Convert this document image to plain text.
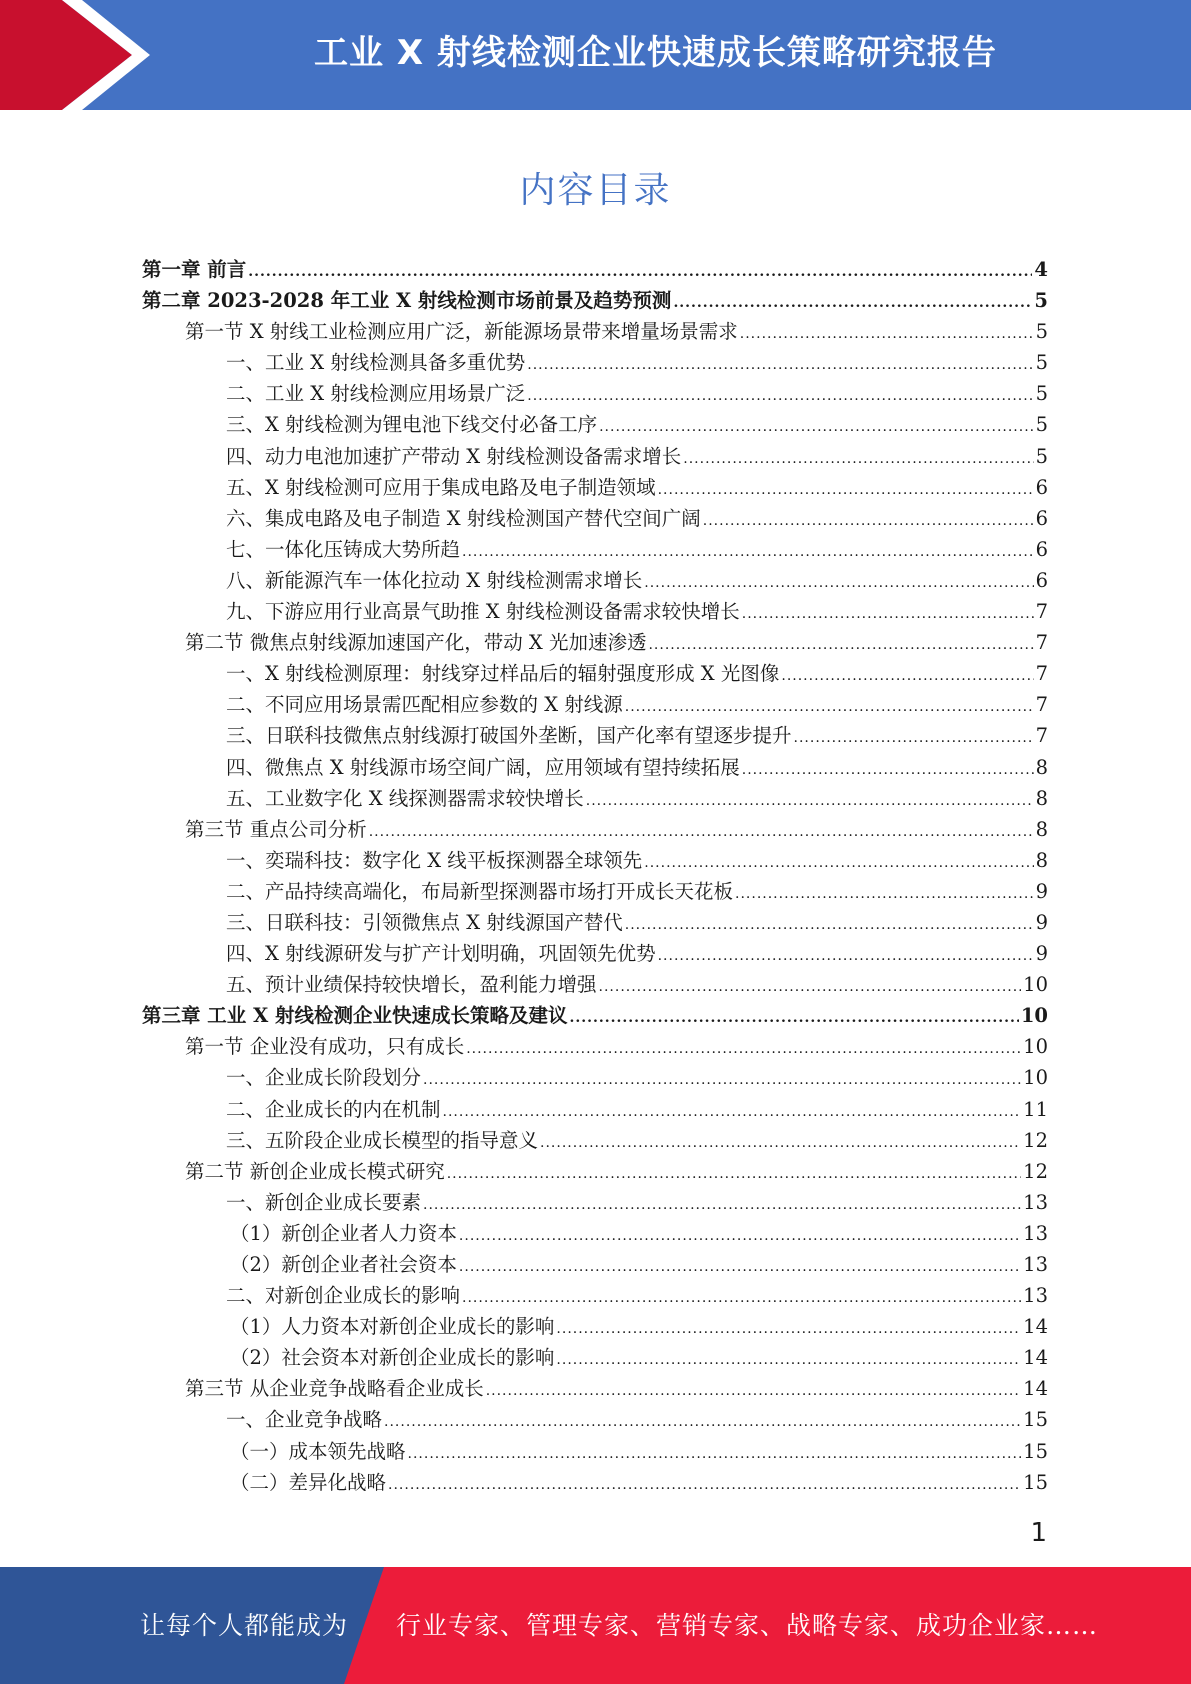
工业 X 射线检测企业快速成长策略研究报告
内容目录
第一章 前言 .....	4
第二章 2023-2028 年工业 X 射线检测市场前景及趋势预测 .....	5
第一节 X 射线工业检测应用广泛，新能源场景带来增量场景需求 .....	5
一、工业 X 射线检测具备多重优势 .....	5
二、工业 X 射线检测应用场景广泛 .....	5
三、X 射线检测为锂电池下线交付必备工序 .....	5
四、动力电池加速扩产带动 X 射线检测设备需求增长 .....	5
五、X 射线检测可应用于集成电路及电子制造领域 .....	6
六、集成电路及电子制造 X 射线检测国产替代空间广阔 .....	6
七、一体化压铸成大势所趋 .....	6
八、新能源汽车一体化拉动 X 射线检测需求增长 .....	6
九、下游应用行业高景气助推 X 射线检测设备需求较快增长 .....	7
第二节 微焦点射线源加速国产化，带动 X 光加速渗透 .....	7
一、X 射线检测原理：射线穿过样品后的辐射强度形成 X 光图像 .....	7
二、不同应用场景需匹配相应参数的 X 射线源 .....	7
三、日联科技微焦点射线源打破国外垄断，国产化率有望逐步提升 .....	7
四、微焦点 X 射线源市场空间广阔，应用领域有望持续拓展 .....	8
五、工业数字化 X 线探测器需求较快增长 .....	8
第三节 重点公司分析 .....	8
一、奕瑞科技：数字化 X 线平板探测器全球领先 .....	8
二、产品持续高端化，布局新型探测器市场打开成长天花板 .....	9
三、日联科技：引领微焦点 X 射线源国产替代 .....	9
四、X 射线源研发与扩产计划明确，巩固领先优势 .....	9
五、预计业绩保持较快增长，盈利能力增强 .....	10
第三章 工业 X 射线检测企业快速成长策略及建议 .....	10
第一节 企业没有成功，只有成长 .....	10
一、企业成长阶段划分 .....	10
二、企业成长的内在机制 .....	11
三、五阶段企业成长模型的指导意义 .....	12
第二节 新创企业成长模式研究 .....	12
一、新创企业成长要素 .....	13
（1）新创企业者人力资本 .....	13
（2）新创企业者社会资本 .....	13
二、对新创企业成长的影响 .....	13
（1）人力资本对新创企业成长的影响 .....	14
（2）社会资本对新创企业成长的影响 .....	14
第三节 从企业竞争战略看企业成长 .....	14
一、企业竞争战略 .....	15
（一）成本领先战略 .....	15
（二）差异化战略 .....	15
1
让每个人都能成为 行业专家、管理专家、营销专家、战略专家、成功企业家……
